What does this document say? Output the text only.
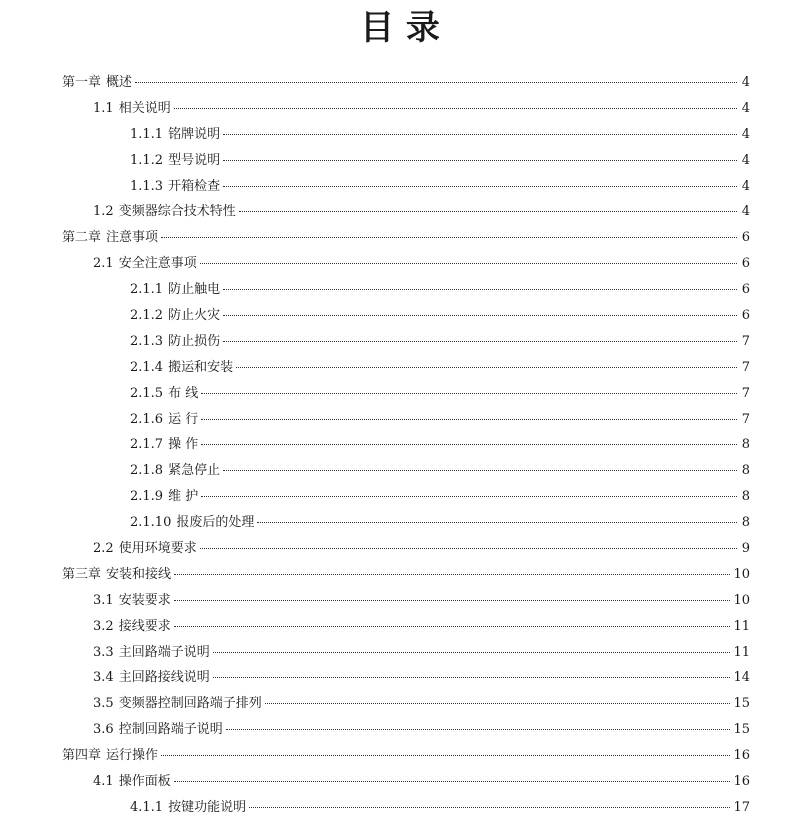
目 录
第一章 概述	4
1.1 相关说明	4
1.1.1 铭牌说明	4
1.1.2 型号说明	4
1.1.3 开箱检查	4
1.2 变频器综合技术特性	4
第二章 注意事项	6
2.1 安全注意事项	6
2.1.1 防止触电	6
2.1.2 防止火灾	6
2.1.3 防止损伤	7
2.1.4 搬运和安装	7
2.1.5 布 线	7
2.1.6 运 行	7
2.1.7 操 作	8
2.1.8 紧急停止	8
2.1.9 维 护	8
2.1.10 报废后的处理	8
2.2 使用环境要求	9
第三章 安装和接线	10
3.1 安装要求	10
3.2 接线要求	11
3.3 主回路端子说明	11
3.4 主回路接线说明	14
3.5 变频器控制回路端子排列	15
3.6 控制回路端子说明	15
第四章 运行操作	16
4.1 操作面板	16
4.1.1 按键功能说明	17
